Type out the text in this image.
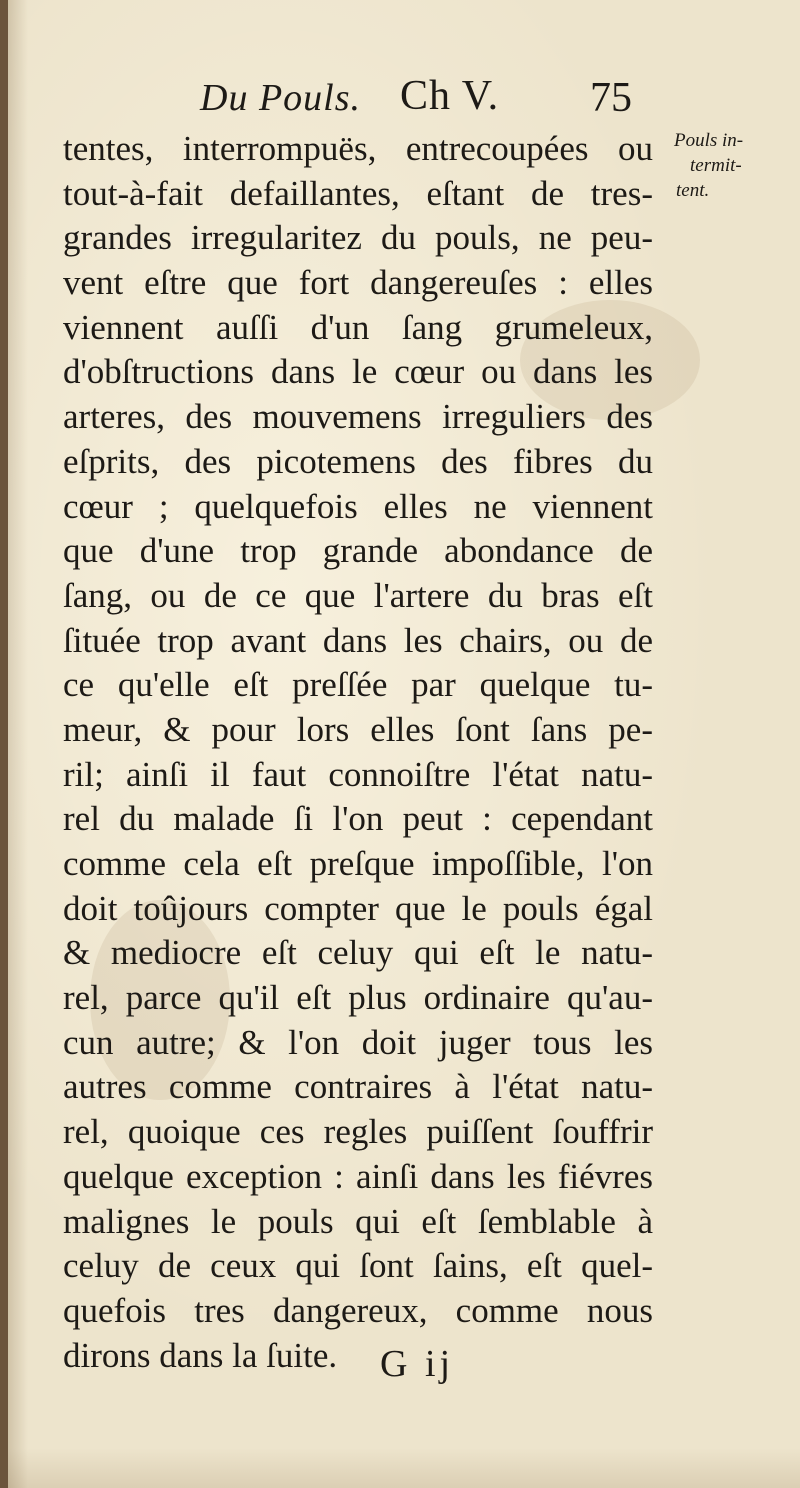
Du Pouls. Ch V. 75
tentes, interrompuës, entrecoupées ou
tout-à-fait defaillantes, eſtant de tres-
grandes irregularitez du pouls, ne peu-
vent eſtre que fort dangereuſes : elles
viennent auſſi d'un ſang grumeleux,
d'obſtructions dans le cœur ou dans les
arteres, des mouvemens irreguliers des
eſprits, des picotemens des fibres du
cœur ; quelquefois elles ne viennent
que d'une trop grande abondance de
ſang, ou de ce que l'artere du bras eſt
ſituée trop avant dans les chairs, ou de
ce qu'elle eſt preſſée par quelque tu-
meur, & pour lors elles ſont ſans pe-
ril; ainſi il faut connoiſtre l'état natu-
rel du malade ſi l'on peut : cependant
comme cela eſt preſque impoſſible, l'on
doit toûjours compter que le pouls égal
& mediocre eſt celuy qui eſt le natu-
rel, parce qu'il eſt plus ordinaire qu'au-
cun autre; & l'on doit juger tous les
autres comme contraires à l'état natu-
rel, quoique ces regles puiſſent ſouffrir
quelque exception : ainſi dans les fiévres
malignes le pouls qui eſt ſemblable à
celuy de ceux qui ſont ſains, eſt quel-
quefois tres dangereux, comme nous
dirons dans la ſuite.
Pouls in-
termit-
tent.
G ij
